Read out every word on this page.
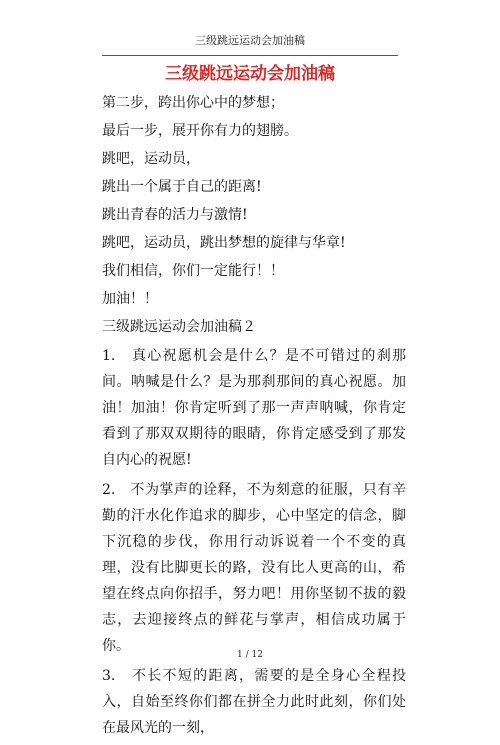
三级跳远运动会加油稿
三级跳远运动会加油稿

第二步，跨出你心中的梦想；

最后一步，展开你有力的翅膀。

跳吧，运动员，

跳出一个属于自己的距离!

跳出青春的活力与激情!

跳吧，运动员，跳出梦想的旋律与华章!

我们相信，你们一定能行！！

加油！！

三级跳远运动会加油稿２

1.　真心祝愿机会是什么？是不可错过的刹那间。呐喊是什么？是为那刹那间的真心祝愿。加油！加油！你肯定听到了那一声声呐喊，你肯定看到了那双双期待的眼睛，你肯定感受到了那发自内心的祝愿!

2.　不为掌声的诠释，不为刻意的征服，只有辛勤的汗水化作追求的脚步，心中坚定的信念，脚下沉稳的步伐，你用行动诉说着一个不变的真理，没有比脚更长的路，没有比人更高的山，希望在终点向你招手，努力吧！用你坚韧不拔的毅志，去迎接终点的鲜花与掌声，相信成功属于你。

3.　不长不短的距离，需要的是全身心全程投入，自始至终你们都在拼全力此时此刻，你们处在最风光的一刻，

1 / 12
